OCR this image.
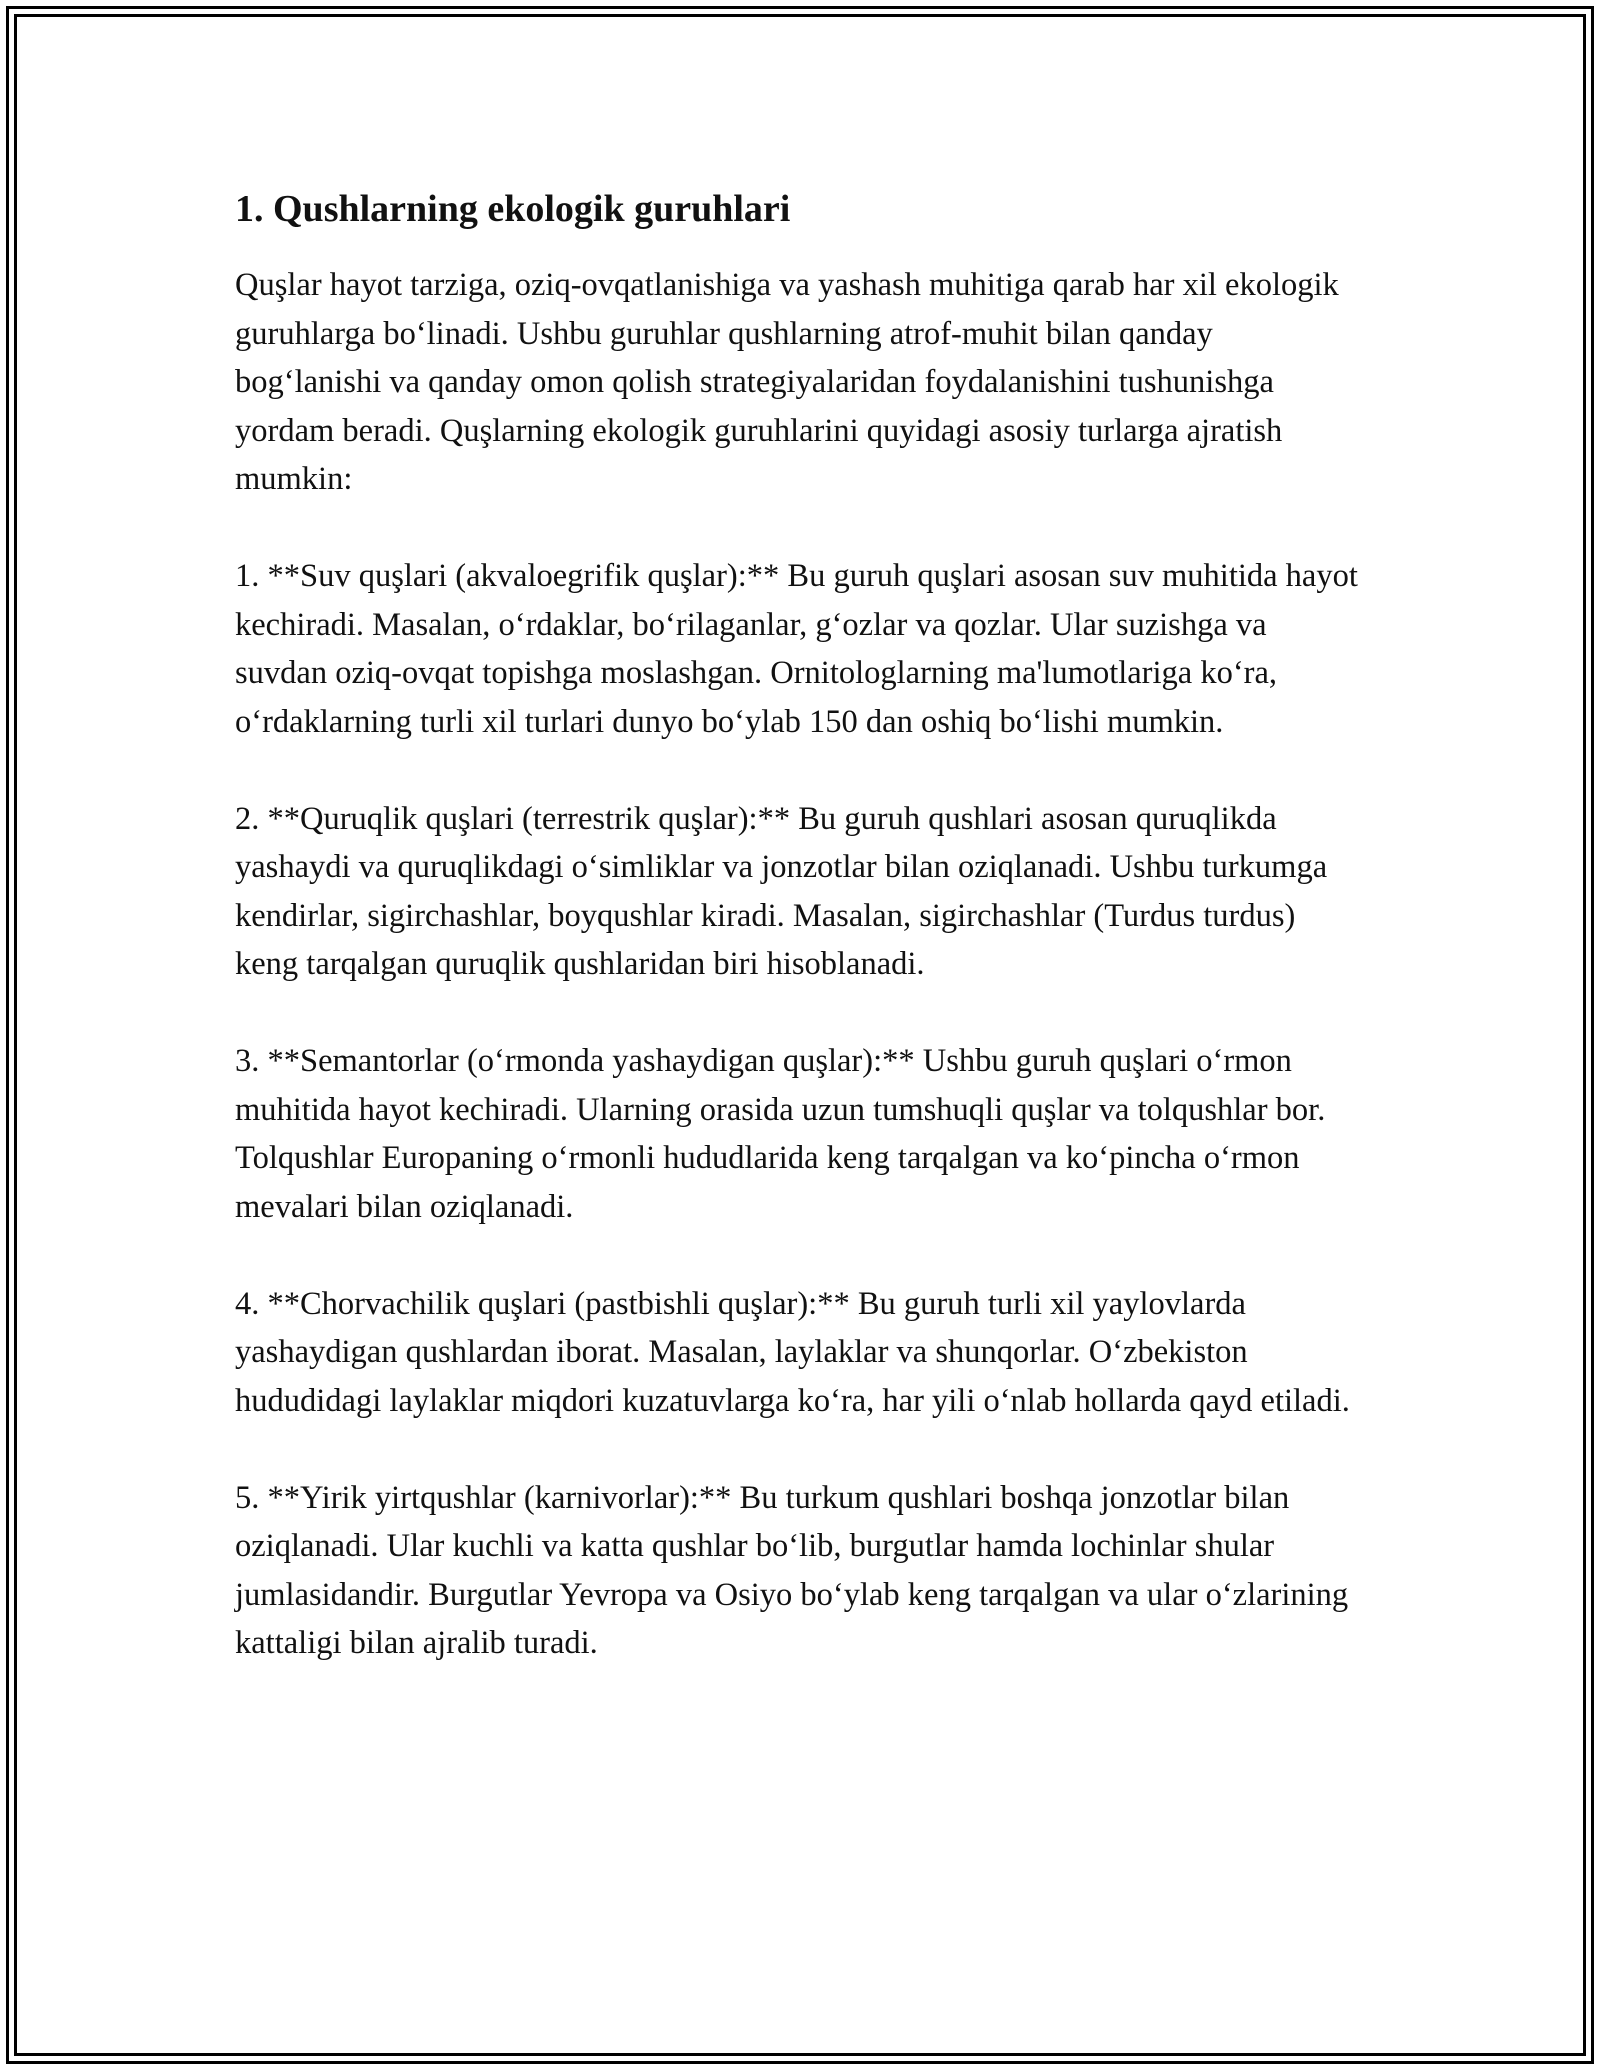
1. Qushlarning ekologik guruhlari

Quşlar hayot tarziga, oziq-ovqatlanishiga va yashash muhitiga qarab har xil ekologik guruhlarga boʻlinadi. Ushbu guruhlar qushlarning atrof-muhit bilan qanday bogʻlanishi va qanday omon qolish strategiyalaridan foydalanishini tushunishga yordam beradi. Quşlarning ekologik guruhlarini quyidagi asosiy turlarga ajratish mumkin:

1. **Suv quşlari (akvaloegrifik quşlar):** Bu guruh quşlari asosan suv muhitida hayot kechiradi. Masalan, oʻrdaklar, boʻrilaganlar, gʻozlar va qozlar. Ular suzishga va suvdan oziq-ovqat topishga moslashgan. Ornitologlarning ma'lumotlariga koʻra, oʻrdaklarning turli xil turlari dunyo boʻylab 150 dan oshiq boʻlishi mumkin.

2. **Quruqlik quşlari (terrestrik quşlar):** Bu guruh qushlari asosan quruqlikda yashaydi va quruqlikdagi oʻsimliklar va jonzotlar bilan oziqlanadi. Ushbu turkumga kendirlar, sigirchashlar, boyqushlar kiradi. Masalan, sigirchashlar (Turdus turdus) keng tarqalgan quruqlik qushlaridan biri hisoblanadi.

3. **Semantorlar (oʻrmonda yashaydigan quşlar):** Ushbu guruh quşlari oʻrmon muhitida hayot kechiradi. Ularning orasida uzun tumshuqli quşlar va tolqushlar bor. Tolqushlar Europaning oʻrmonli hududlarida keng tarqalgan va koʻpincha oʻrmon mevalari bilan oziqlanadi.

4. **Chorvachilik quşlari (pastbishli quşlar):** Bu guruh turli xil yaylovlarda yashaydigan qushlardan iborat. Masalan, laylaklar va shunqorlar. Oʻzbekiston hududidagi laylaklar miqdori kuzatuvlarga koʻra, har yili oʻnlab hollarda qayd etiladi.

5. **Yirik yirtqushlar (karnivorlar):** Bu turkum qushlari boshqa jonzotlar bilan oziqlanadi. Ular kuchli va katta qushlar boʻlib, burgutlar hamda lochinlar shular jumlasidandir. Burgutlar Yevropa va Osiyo boʻylab keng tarqalgan va ular oʻzlarining kattaligi bilan ajralib turadi.
